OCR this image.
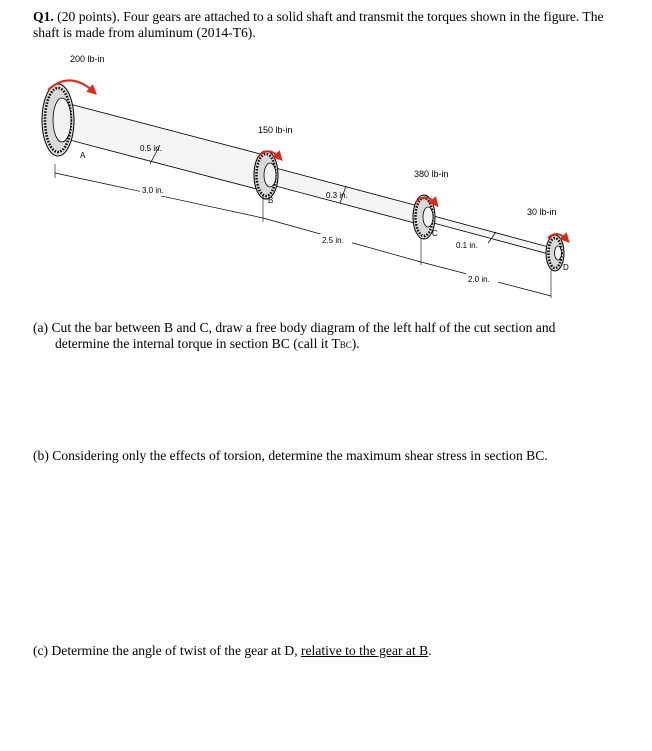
Q1. (20 points). Four gears are attached to a solid shaft and transmit the torques shown in the figure. The shaft is made from aluminum (2014-T6).
200 lb-in
150 lb-in
380 lb-in
30 lb-in
A
B
C
D
0.5 in.
0.3 in.
0.1 in.
3.0 in.
2.5 in.
2.0 in.
(a) Cut the bar between B and C, draw a free body diagram of the left half of the cut section and
determine the internal torque in section BC (call it TBC).
(b) Considering only the effects of torsion, determine the maximum shear stress in section BC.
(c) Determine the angle of twist of the gear at D, relative to the gear at B.
